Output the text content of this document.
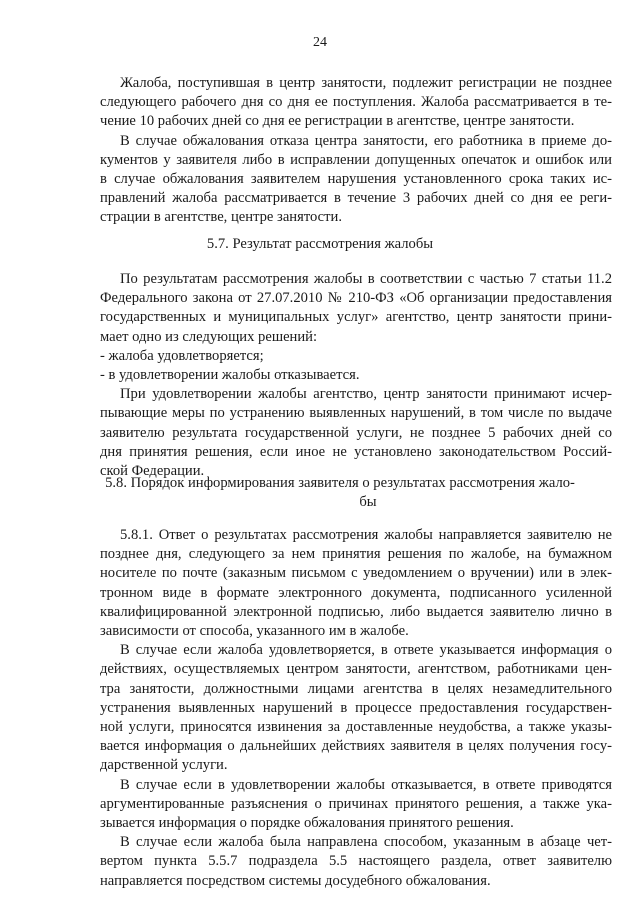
24
Жалоба, поступившая в центр занятости, подлежит регистрации не позднее
следующего рабочего дня со дня ее поступления. Жалоба рассматривается в те-
чение 10 рабочих дней со дня ее регистрации в агентстве, центре занятости.
В случае обжалования отказа центра занятости, его работника в приеме до-
кументов у заявителя либо в исправлении допущенных опечаток и ошибок или
в случае обжалования заявителем нарушения установленного срока таких ис-
правлений жалоба рассматривается в течение 3 рабочих дней со дня ее реги-
страции в агентстве, центре занятости.
5.7. Результат рассмотрения жалобы
По результатам рассмотрения жалобы в соответствии с частью 7 статьи 11.2
Федерального закона от 27.07.2010 № 210-ФЗ «Об организации предоставления
государственных и муниципальных услуг» агентство, центр занятости прини-
мает одно из следующих решений:
- жалоба удовлетворяется;
- в удовлетворении жалобы отказывается.
При удовлетворении жалобы агентство, центр занятости принимают исчер-
пывающие меры по устранению выявленных нарушений, в том числе по выдаче
заявителю результата государственной услуги, не позднее 5 рабочих дней со
дня принятия решения, если иное не установлено законодательством Россий-
ской Федерации.
5.8. Порядок информирования заявителя о результатах рассмотрения жало-
бы
5.8.1. Ответ о результатах рассмотрения жалобы направляется заявителю не
позднее дня, следующего за нем принятия решения по жалобе, на бумажном
носителе по почте (заказным письмом с уведомлением о вручении) или в элек-
тронном виде в формате электронного документа, подписанного усиленной
квалифицированной электронной подписью, либо выдается заявителю лично в
зависимости от способа, указанного им в жалобе.
В случае если жалоба удовлетворяется, в ответе указывается информация о
действиях, осуществляемых центром занятости, агентством, работниками цен-
тра занятости, должностными лицами агентства в целях незамедлительного
устранения выявленных нарушений в процессе предоставления государствен-
ной услуги, приносятся извинения за доставленные неудобства, а также указы-
вается информация о дальнейших действиях заявителя в целях получения госу-
дарственной услуги.
В случае если в удовлетворении жалобы отказывается, в ответе приводятся
аргументированные разъяснения о причинах принятого решения, а также ука-
зывается информация о порядке обжалования принятого решения.
В случае если жалоба была направлена способом, указанным в абзаце чет-
вертом пункта 5.5.7 подраздела 5.5 настоящего раздела, ответ заявителю
направляется посредством системы досудебного обжалования.
